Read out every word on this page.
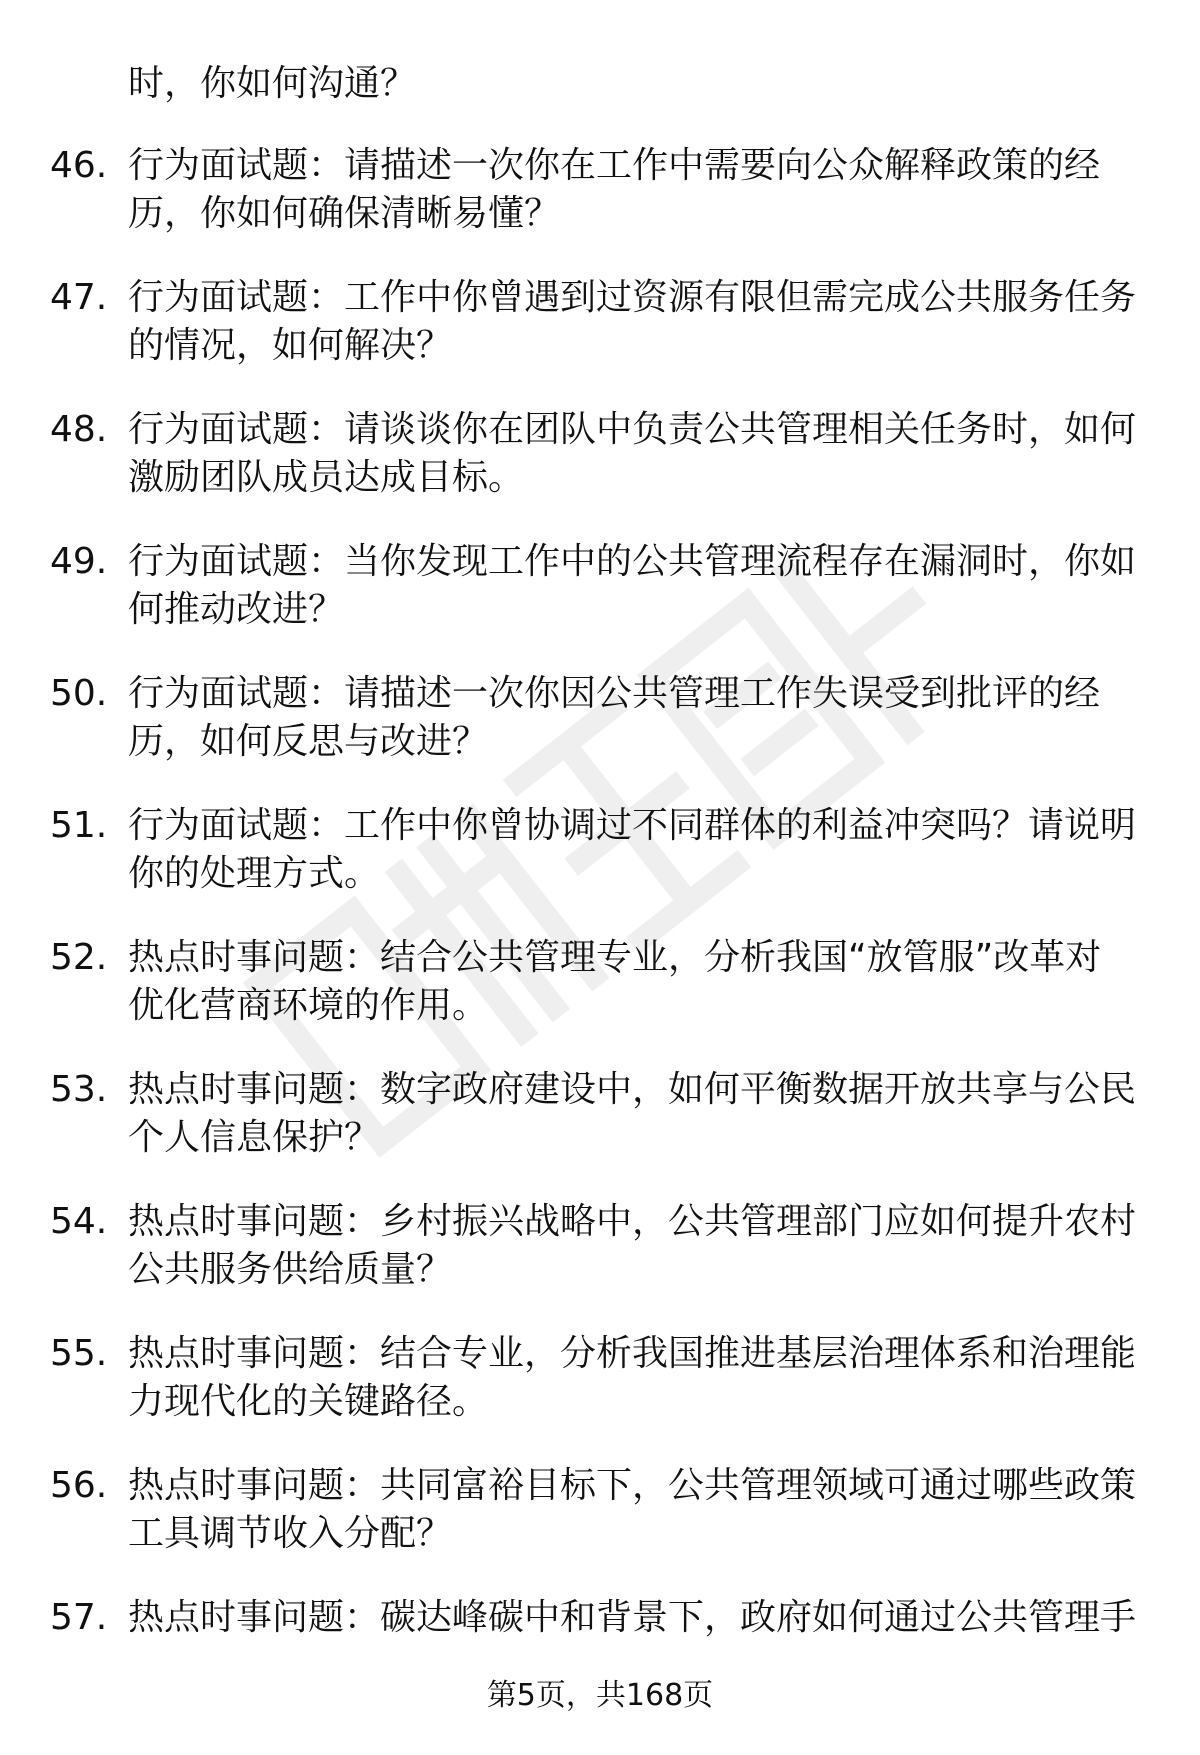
时，你如何沟通？
46. 行为面试题：请描述一次你在工作中需要向公众解释政策的经
历，你如何确保清晰易懂？
47. 行为面试题：工作中你曾遇到过资源有限但需完成公共服务任务
的情况，如何解决？
48. 行为面试题：请谈谈你在团队中负责公共管理相关任务时，如何
激励团队成员达成目标。
49. 行为面试题：当你发现工作中的公共管理流程存在漏洞时，你如
何推动改进？
50. 行为面试题：请描述一次你因公共管理工作失误受到批评的经
历，如何反思与改进？
51. 行为面试题：工作中你曾协调过不同群体的利益冲突吗？请说明
你的处理方式。
52. 热点时事问题：结合公共管理专业，分析我国“放管服”改革对
优化营商环境的作用。
53. 热点时事问题：数字政府建设中，如何平衡数据开放共享与公民
个人信息保护？
54. 热点时事问题：乡村振兴战略中，公共管理部门应如何提升农村
公共服务供给质量？
55. 热点时事问题：结合专业，分析我国推进基层治理体系和治理能
力现代化的关键路径。
56. 热点时事问题：共同富裕目标下，公共管理领域可通过哪些政策
工具调节收入分配？
57. 热点时事问题：碳达峰碳中和背景下，政府如何通过公共管理手
第5页，共168页
